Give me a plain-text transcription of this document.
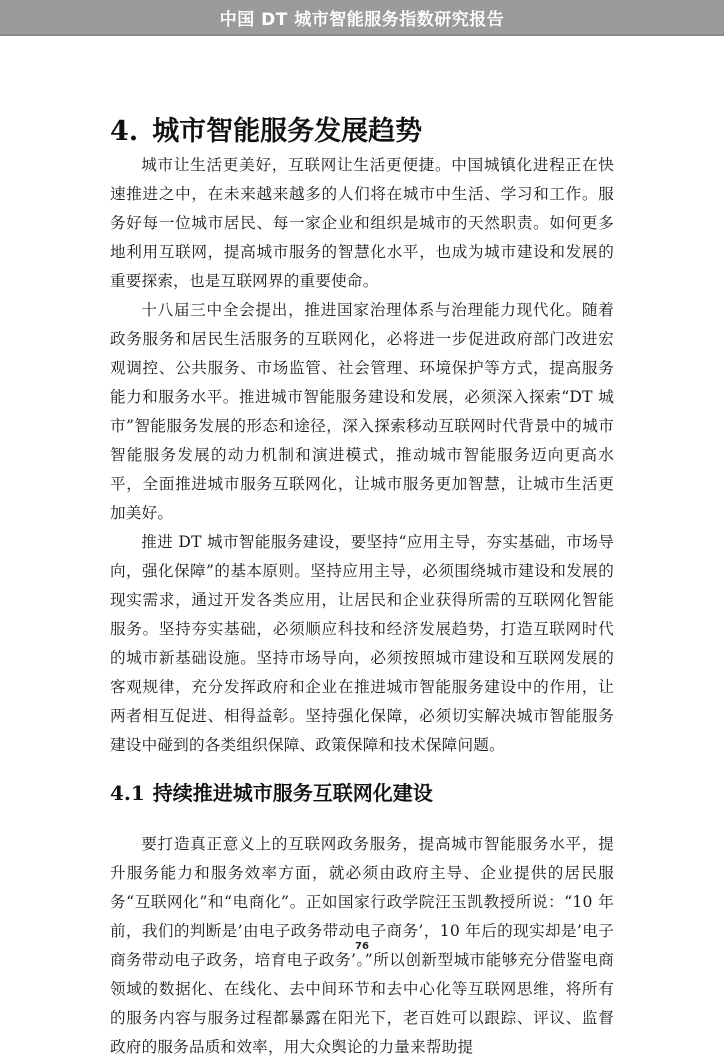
中国 DT 城市智能服务指数研究报告
4. 城市智能服务发展趋势

城市让生活更美好，互联网让生活更便捷。中国城镇化进程正在快速推进之中，在未来越来越多的人们将在城市中生活、学习和工作。服务好每一位城市居民、每一家企业和组织是城市的天然职责。如何更多地利用互联网，提高城市服务的智慧化水平，也成为城市建设和发展的重要探索，也是互联网界的重要使命。

十八届三中全会提出，推进国家治理体系与治理能力现代化。随着政务服务和居民生活服务的互联网化，必将进一步促进政府部门改进宏观调控、公共服务、市场监管、社会管理、环境保护等方式，提高服务能力和服务水平。推进城市智能服务建设和发展，必须深入探索“DT 城市”智能服务发展的形态和途径，深入探索移动互联网时代背景中的城市智能服务发展的动力机制和演进模式，推动城市智能服务迈向更高水平，全面推进城市服务互联网化，让城市服务更加智慧，让城市生活更加美好。

推进 DT 城市智能服务建设，要坚持“应用主导，夯实基础，市场导向，强化保障”的基本原则。坚持应用主导，必须围绕城市建设和发展的现实需求，通过开发各类应用，让居民和企业获得所需的互联网化智能服务。坚持夯实基础，必须顺应科技和经济发展趋势，打造互联网时代的城市新基础设施。坚持市场导向，必须按照城市建设和互联网发展的客观规律，充分发挥政府和企业在推进城市智能服务建设中的作用，让两者相互促进、相得益彰。坚持强化保障，必须切实解决城市智能服务建设中碰到的各类组织保障、政策保障和技术保障问题。

4.1 持续推进城市服务互联网化建设

要打造真正意义上的互联网政务服务，提高城市智能服务水平，提升服务能力和服务效率方面，就必须由政府主导、企业提供的居民服务“互联网化”和“电商化”。正如国家行政学院汪玉凯教授所说：“10 年前，我们的判断是’由电子政务带动电子商务’，10 年后的现实却是’电子商务带动电子政务，培育电子政务’。”所以创新型城市能够充分借鉴电商领域的数据化、在线化、去中间环节和去中心化等互联网思维，将所有的服务内容与服务过程都暴露在阳光下，老百姓可以跟踪、评议、监督政府的服务品质和效率，用大众舆论的力量来帮助提

76
